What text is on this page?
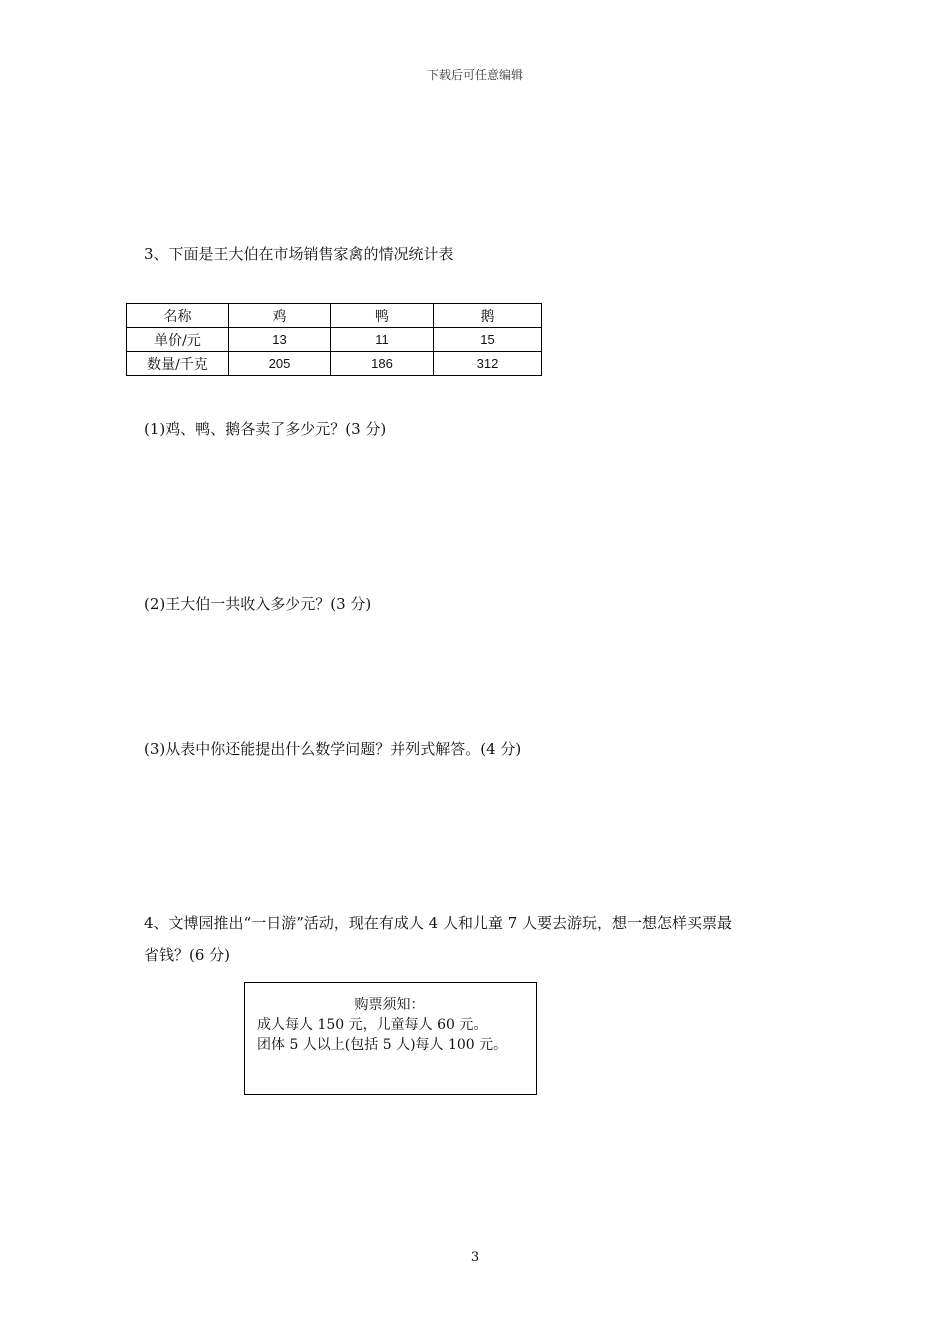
下载后可任意编辑
3、下面是王大伯在市场销售家禽的情况统计表
名称	鸡	鸭	鹅
单价/元	13	11	15
数量/千克	205	186	312
(1)鸡、鸭、鹅各卖了多少元？(3 分)
(2)王大伯一共收入多少元？(3 分)
(3)从表中你还能提出什么数学问题？并列式解答。(4 分)
4、文博园推出“一日游”活动，现在有成人 4 人和儿童 7 人要去游玩，想一想怎样买票最
省钱？(6 分)
购票须知：
成人每人 150 元，儿童每人 60 元。
团体 5 人以上(包括 5 人)每人 100 元。
3
